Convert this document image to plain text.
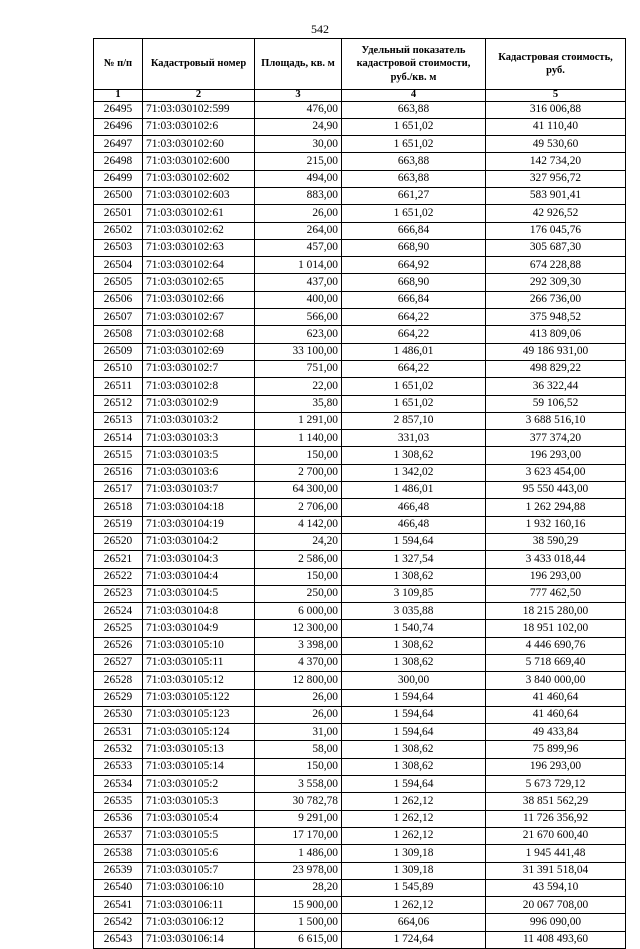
542
№ п/п	Кадастровый номер	Площадь, кв. м	Удельный показатель кадастровой стоимости, руб./кв. м	Кадастровая стоимость, руб.
1	2	3	4	5
26495	71:03:030102:599	476,00	663,88	316 006,88
26496	71:03:030102:6	24,90	1 651,02	41 110,40
26497	71:03:030102:60	30,00	1 651,02	49 530,60
26498	71:03:030102:600	215,00	663,88	142 734,20
26499	71:03:030102:602	494,00	663,88	327 956,72
26500	71:03:030102:603	883,00	661,27	583 901,41
26501	71:03:030102:61	26,00	1 651,02	42 926,52
26502	71:03:030102:62	264,00	666,84	176 045,76
26503	71:03:030102:63	457,00	668,90	305 687,30
26504	71:03:030102:64	1 014,00	664,92	674 228,88
26505	71:03:030102:65	437,00	668,90	292 309,30
26506	71:03:030102:66	400,00	666,84	266 736,00
26507	71:03:030102:67	566,00	664,22	375 948,52
26508	71:03:030102:68	623,00	664,22	413 809,06
26509	71:03:030102:69	33 100,00	1 486,01	49 186 931,00
26510	71:03:030102:7	751,00	664,22	498 829,22
26511	71:03:030102:8	22,00	1 651,02	36 322,44
26512	71:03:030102:9	35,80	1 651,02	59 106,52
26513	71:03:030103:2	1 291,00	2 857,10	3 688 516,10
26514	71:03:030103:3	1 140,00	331,03	377 374,20
26515	71:03:030103:5	150,00	1 308,62	196 293,00
26516	71:03:030103:6	2 700,00	1 342,02	3 623 454,00
26517	71:03:030103:7	64 300,00	1 486,01	95 550 443,00
26518	71:03:030104:18	2 706,00	466,48	1 262 294,88
26519	71:03:030104:19	4 142,00	466,48	1 932 160,16
26520	71:03:030104:2	24,20	1 594,64	38 590,29
26521	71:03:030104:3	2 586,00	1 327,54	3 433 018,44
26522	71:03:030104:4	150,00	1 308,62	196 293,00
26523	71:03:030104:5	250,00	3 109,85	777 462,50
26524	71:03:030104:8	6 000,00	3 035,88	18 215 280,00
26525	71:03:030104:9	12 300,00	1 540,74	18 951 102,00
26526	71:03:030105:10	3 398,00	1 308,62	4 446 690,76
26527	71:03:030105:11	4 370,00	1 308,62	5 718 669,40
26528	71:03:030105:12	12 800,00	300,00	3 840 000,00
26529	71:03:030105:122	26,00	1 594,64	41 460,64
26530	71:03:030105:123	26,00	1 594,64	41 460,64
26531	71:03:030105:124	31,00	1 594,64	49 433,84
26532	71:03:030105:13	58,00	1 308,62	75 899,96
26533	71:03:030105:14	150,00	1 308,62	196 293,00
26534	71:03:030105:2	3 558,00	1 594,64	5 673 729,12
26535	71:03:030105:3	30 782,78	1 262,12	38 851 562,29
26536	71:03:030105:4	9 291,00	1 262,12	11 726 356,92
26537	71:03:030105:5	17 170,00	1 262,12	21 670 600,40
26538	71:03:030105:6	1 486,00	1 309,18	1 945 441,48
26539	71:03:030105:7	23 978,00	1 309,18	31 391 518,04
26540	71:03:030106:10	28,20	1 545,89	43 594,10
26541	71:03:030106:11	15 900,00	1 262,12	20 067 708,00
26542	71:03:030106:12	1 500,00	664,06	996 090,00
26543	71:03:030106:14	6 615,00	1 724,64	11 408 493,60
